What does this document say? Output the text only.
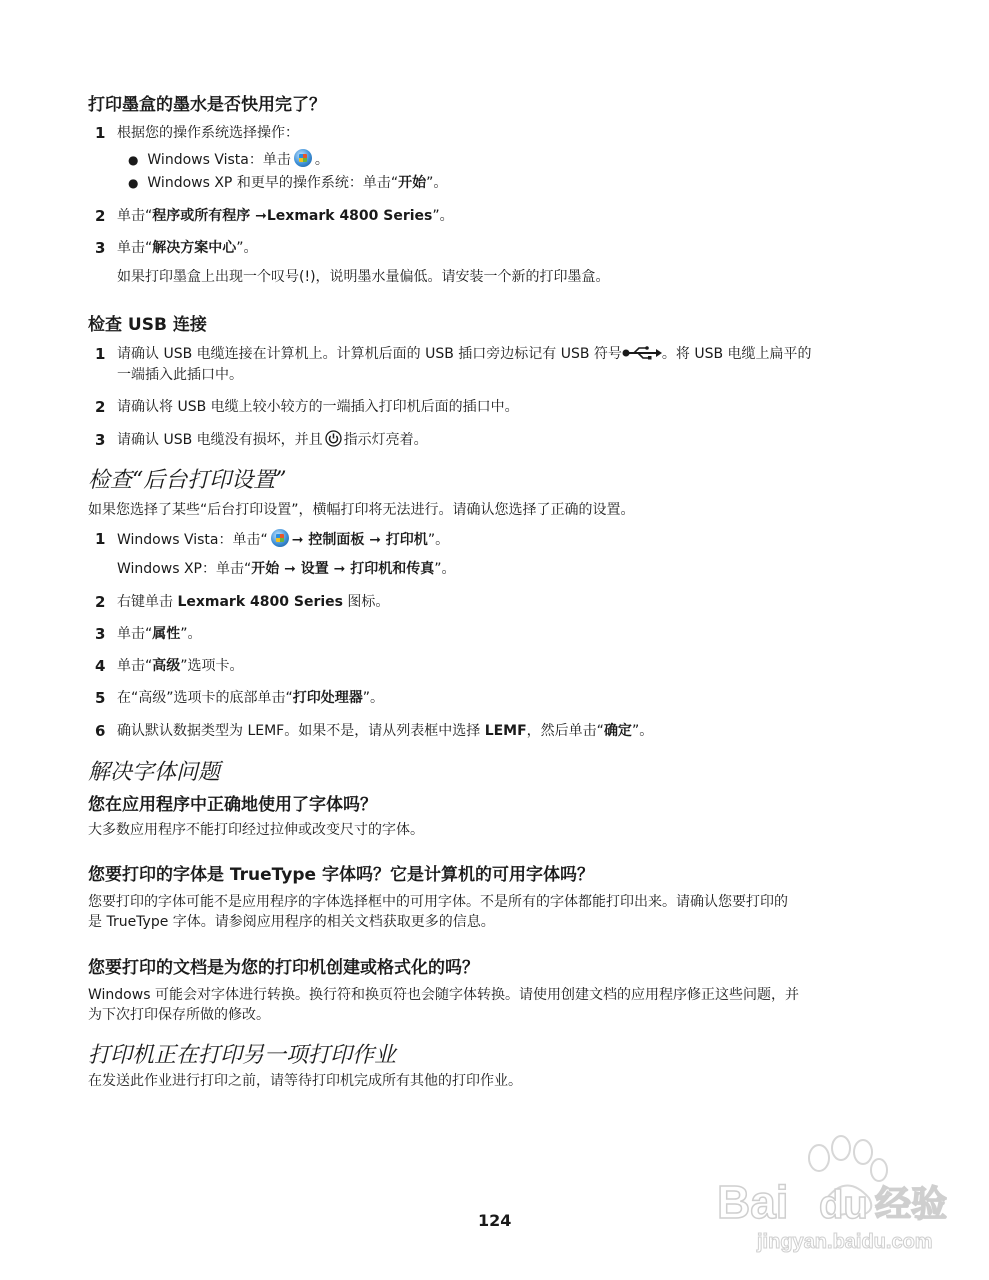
打印墨盒的墨水是否快用完了？
1 根据您的操作系统选择操作：
● Windows Vista：单击 。
● Windows XP 和更早的操作系统：单击“开始”。
2 单击“程序或所有程序 ➞Lexmark 4800 Series”。
3 单击“解决方案中心”。
如果打印墨盒上出现一个叹号(!)，说明墨水量偏低。请安装一个新的打印墨盒。
检查 USB 连接
1 请确认 USB 电缆连接在计算机上。计算机后面的 USB 插口旁边标记有 USB 符号	。将 USB 电缆上扁平的
一端插入此插口中。
2 请确认将 USB 电缆上较小较方的一端插入打印机后面的插口中。
3 请确认 USB 电缆没有损坏，并且 指示灯亮着。
检查“后台打印设置”
如果您选择了某些“后台打印设置”，横幅打印将无法进行。请确认您选择了正确的设置。
1 Windows Vista：单击“ ➞ 控制面板 ➞ 打印机”。
Windows XP：单击“开始 ➞ 设置 ➞ 打印机和传真”。
2 右键单击 Lexmark 4800 Series 图标。
3 单击“属性”。
4 单击“高级”选项卡。
5 在“高级”选项卡的底部单击“打印处理器”。
6 确认默认数据类型为 LEMF。如果不是，请从列表框中选择 LEMF，然后单击“确定”。
解决字体问题
您在应用程序中正确地使用了字体吗？
大多数应用程序不能打印经过拉伸或改变尺寸的字体。
您要打印的字体是 TrueType 字体吗？它是计算机的可用字体吗？
您要打印的字体可能不是应用程序的字体选择框中的可用字体。不是所有的字体都能打印出来。请确认您要打印的
是 TrueType 字体。请参阅应用程序的相关文档获取更多的信息。
您要打印的文档是为您的打印机创建或格式化的吗？
Windows 可能会对字体进行转换。换行符和换页符也会随字体转换。请使用创建文档的应用程序修正这些问题，并
为下次打印保存所做的修改。
打印机正在打印另一项打印作业
在发送此作业进行打印之前，请等待打印机完成所有其他的打印作业。
124	Bai du 经验
jingyan.baidu.com
